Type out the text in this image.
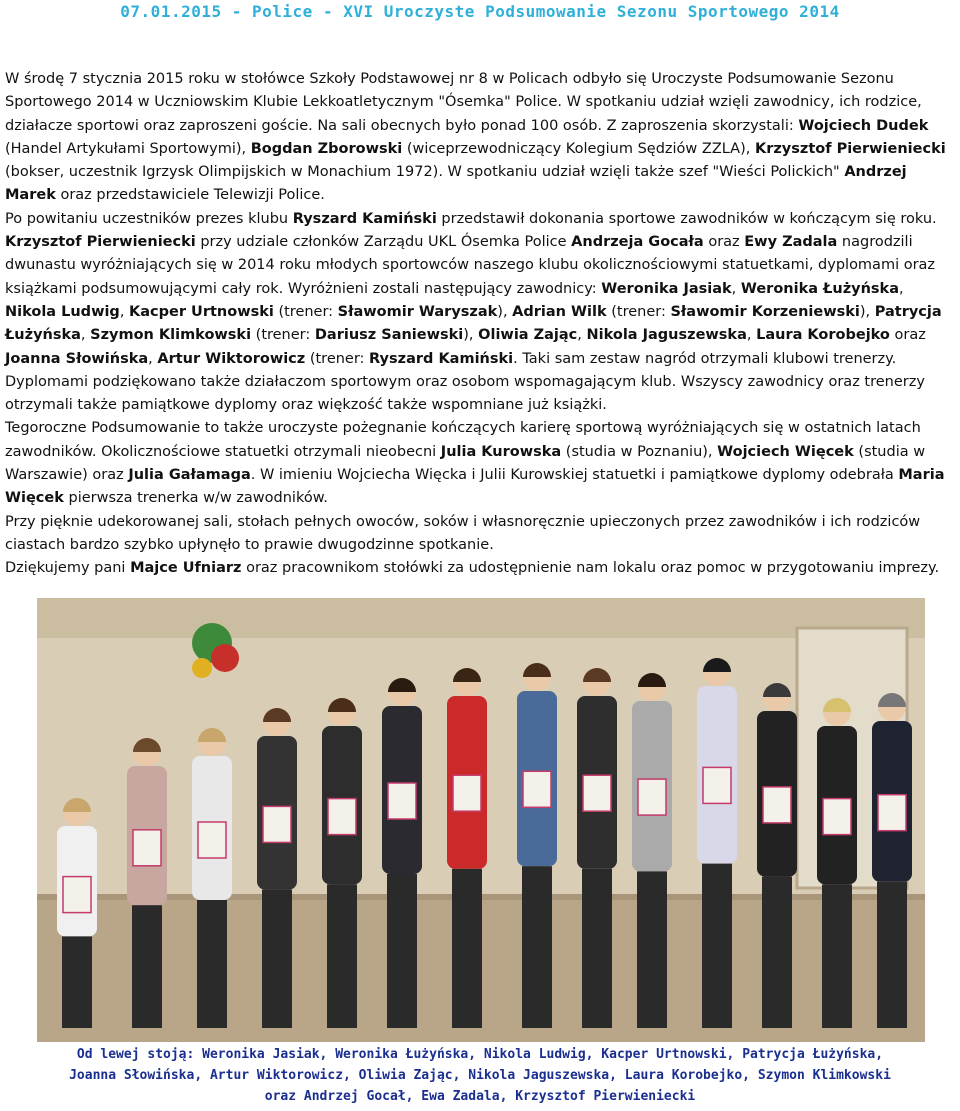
07.01.2015 - Police - XVI Uroczyste Podsumowanie Sezonu Sportowego 2014

W środę 7 stycznia 2015 roku w stołówce Szkoły Podstawowej nr 8 w Policach odbyło się Uroczyste Podsumowanie Sezonu Sportowego 2014 w Uczniowskim Klubie Lekkoatletycznym "Ósemka" Police. W spotkaniu udział wzięli zawodnicy, ich rodzice, działacze sportowi oraz zaproszeni goście. Na sali obecnych było ponad 100 osób. Z zaproszenia skorzystali: Wojciech Dudek (Handel Artykułami Sportowymi), Bogdan Zborowski (wiceprzewodniczący Kolegium Sędziów ZZLA), Krzysztof Pierwieniecki (bokser, uczestnik Igrzysk Olimpijskich w Monachium 1972). W spotkaniu udział wzięli także szef "Wieści Polickich" Andrzej Marek oraz przedstawiciele Telewizji Police.

Po powitaniu uczestników prezes klubu Ryszard Kamiński przedstawił dokonania sportowe zawodników w kończącym się roku.

Krzysztof Pierwieniecki przy udziale członków Zarządu UKL Ósemka Police Andrzeja Gocała oraz Ewy Zadala nagrodzili dwunastu wyróżniających się w 2014 roku młodych sportowców naszego klubu okolicznościowymi statuetkami, dyplomami oraz książkami podsumowującymi cały rok. Wyróżnieni zostali następujący zawodnicy: Weronika Jasiak, Weronika Łużyńska, Nikola Ludwig, Kacper Urtnowski (trener: Sławomir Waryszak), Adrian Wilk (trener: Sławomir Korzeniewski), Patrycja Łużyńska, Szymon Klimkowski (trener: Dariusz Saniewski), Oliwia Zając, Nikola Jaguszewska, Laura Korobejko oraz Joanna Słowińska, Artur Wiktorowicz (trener: Ryszard Kamiński. Taki sam zestaw nagród otrzymali klubowi trenerzy. Dyplomami podziękowano także działaczom sportowym oraz osobom wspomagającym klub. Wszyscy zawodnicy oraz trenerzy otrzymali także pamiątkowe dyplomy oraz więkzość także wspomniane już książki.

Tegoroczne Podsumowanie to także uroczyste pożegnanie kończących karierę sportową wyróżniających się w ostatnich latach zawodników. Okolicznościowe statuetki otrzymali nieobecni Julia Kurowska (studia w Poznaniu), Wojciech Więcek (studia w Warszawie) oraz Julia Gałamaga. W imieniu Wojciecha Więcka i Julii Kurowskiej statuetki i pamiątkowe dyplomy odebrała Maria Więcek pierwsza trenerka w/w zawodników.

Przy pięknie udekorowanej sali, stołach pełnych owoców, soków i własnoręcznie upieczonych przez zawodników i ich rodziców ciastach bardzo szybko upłynęło to prawie dwugodzinne spotkanie.

Dziękujemy pani Majce Ufniarz oraz pracownikom stołówki za udostępnienie nam lokalu oraz pomoc w przygotowaniu imprezy.

Od lewej stoją: Weronika Jasiak, Weronika Łużyńska, Nikola Ludwig, Kacper Urtnowski, Patrycja Łużyńska,
Joanna Słowińska, Artur Wiktorowicz, Oliwia Zając, Nikola Jaguszewska, Laura Korobejko, Szymon Klimkowski
oraz Andrzej Gocał, Ewa Zadala, Krzysztof Pierwieniecki
